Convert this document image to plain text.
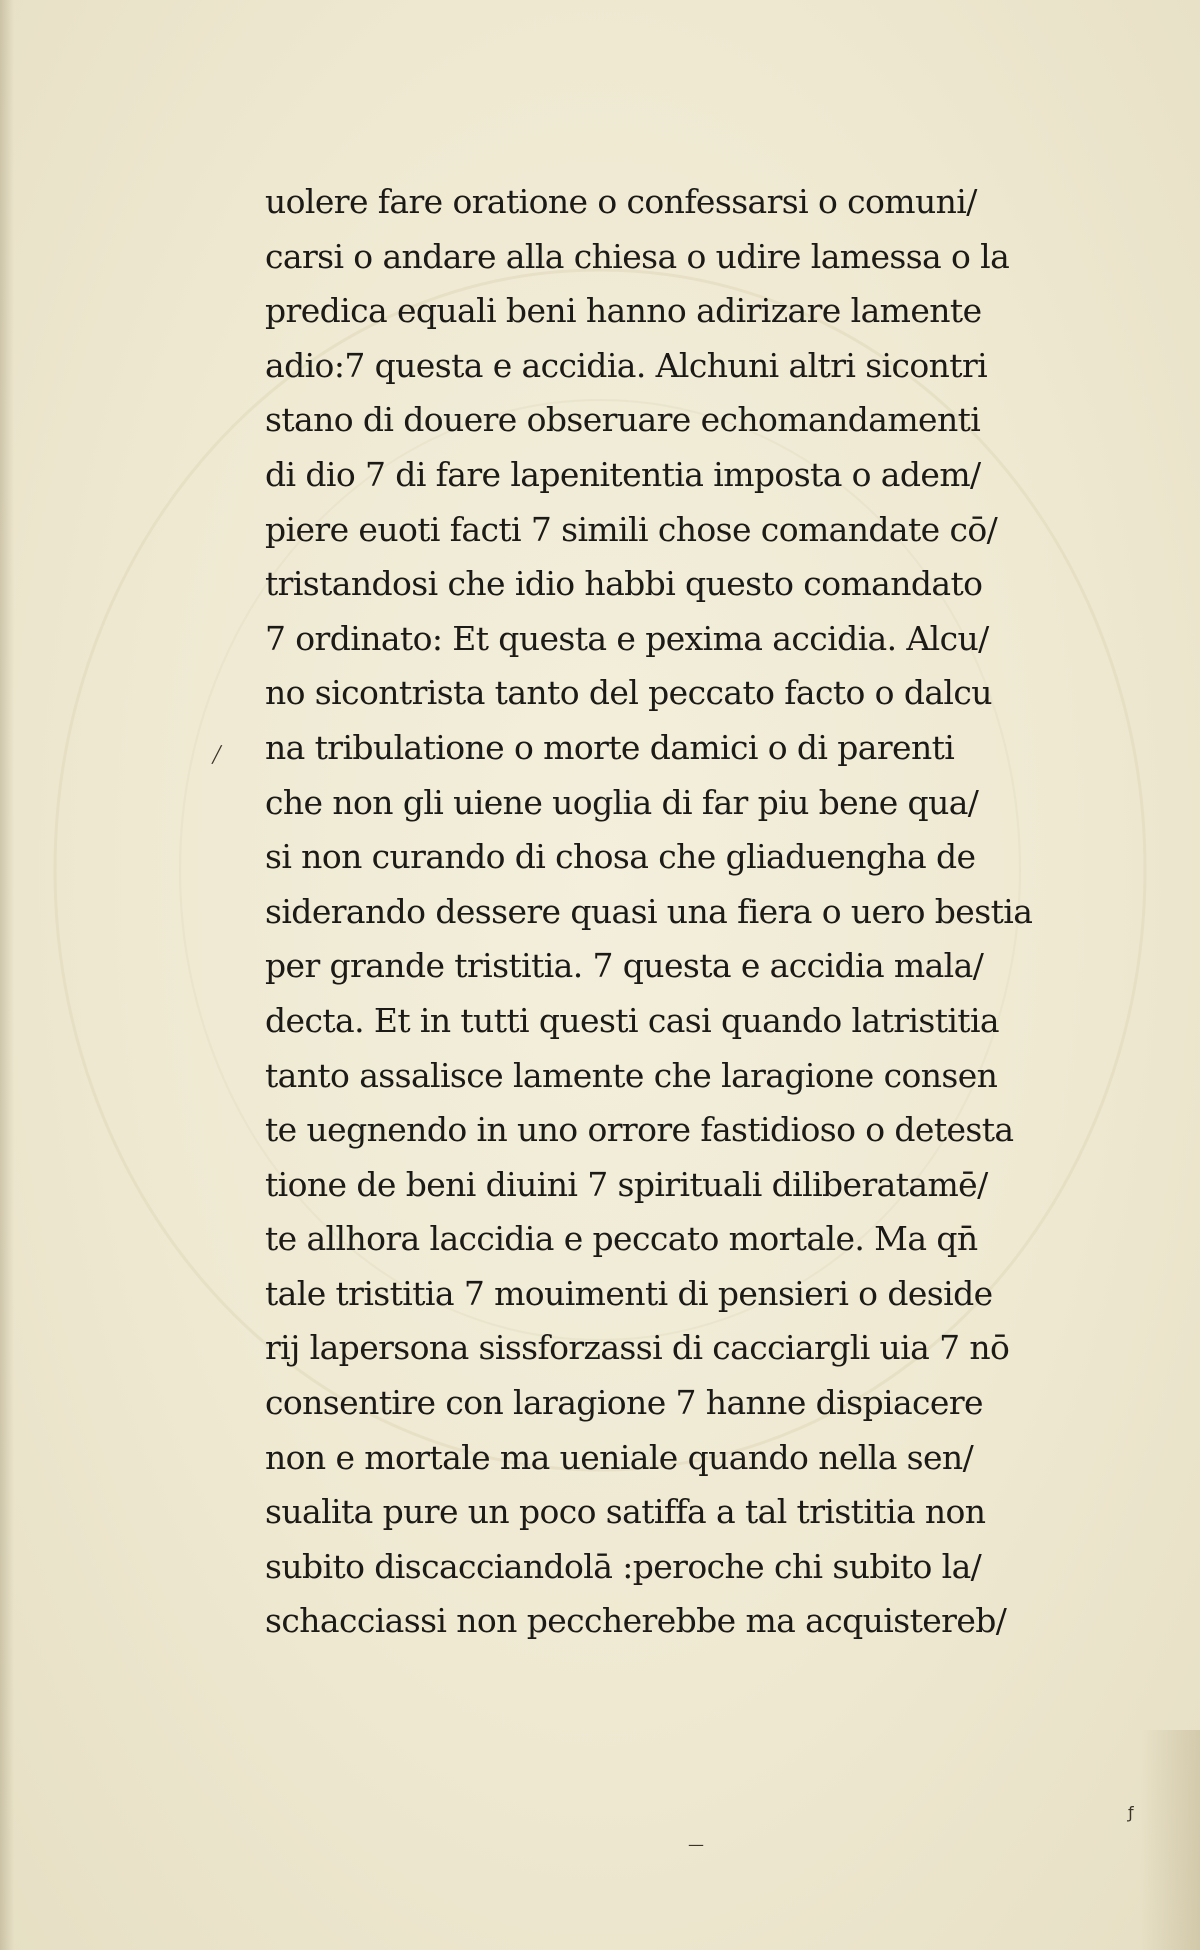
uolere fare oratione o confessarsi o comuni/
carsi o andare alla chiesa o udire lamessa o la
predica equali beni hanno adirizare lamente
adio:7 questa e accidia. Alchuni altri sicontri
stano di douere obseruare echomandamenti
di dio 7 di fare lapenitentia imposta o adem/
piere euoti facti 7 simili chose comandate cō/
tristandosi che idio habbi questo comandato
7 ordinato: Et questa e pexima accidia. Alcu/
no sicontrista tanto del peccato facto o dalcu
na tribulatione o morte damici o di parenti
che non gli uiene uoglia di far piu bene qua/
si non curando di chosa che gliaduengha de
siderando dessere quasi una fiera o uero bestia
per grande tristitia. 7 questa e accidia mala/
decta. Et in tutti questi casi quando latristitia
tanto assalisce lamente che laragione consen
te uegnendo in uno orrore fastidioso o detesta
tione de beni diuini 7 spirituali diliberatamē/
te allhora laccidia e peccato mortale. Ma qn̄
tale tristitia 7 mouimenti di pensieri o deside
rij lapersona sissforzassi di cacciargli uia 7 nō
consentire con laragione 7 hanne dispiacere
non e mortale ma ueniale quando nella sen/
sualita pure un poco satiffa a tal tristitia non
subito discacciandolā :peroche chi subito la/
schacciassi non peccherebbe ma acquistereb/
╱
—
ƒ
